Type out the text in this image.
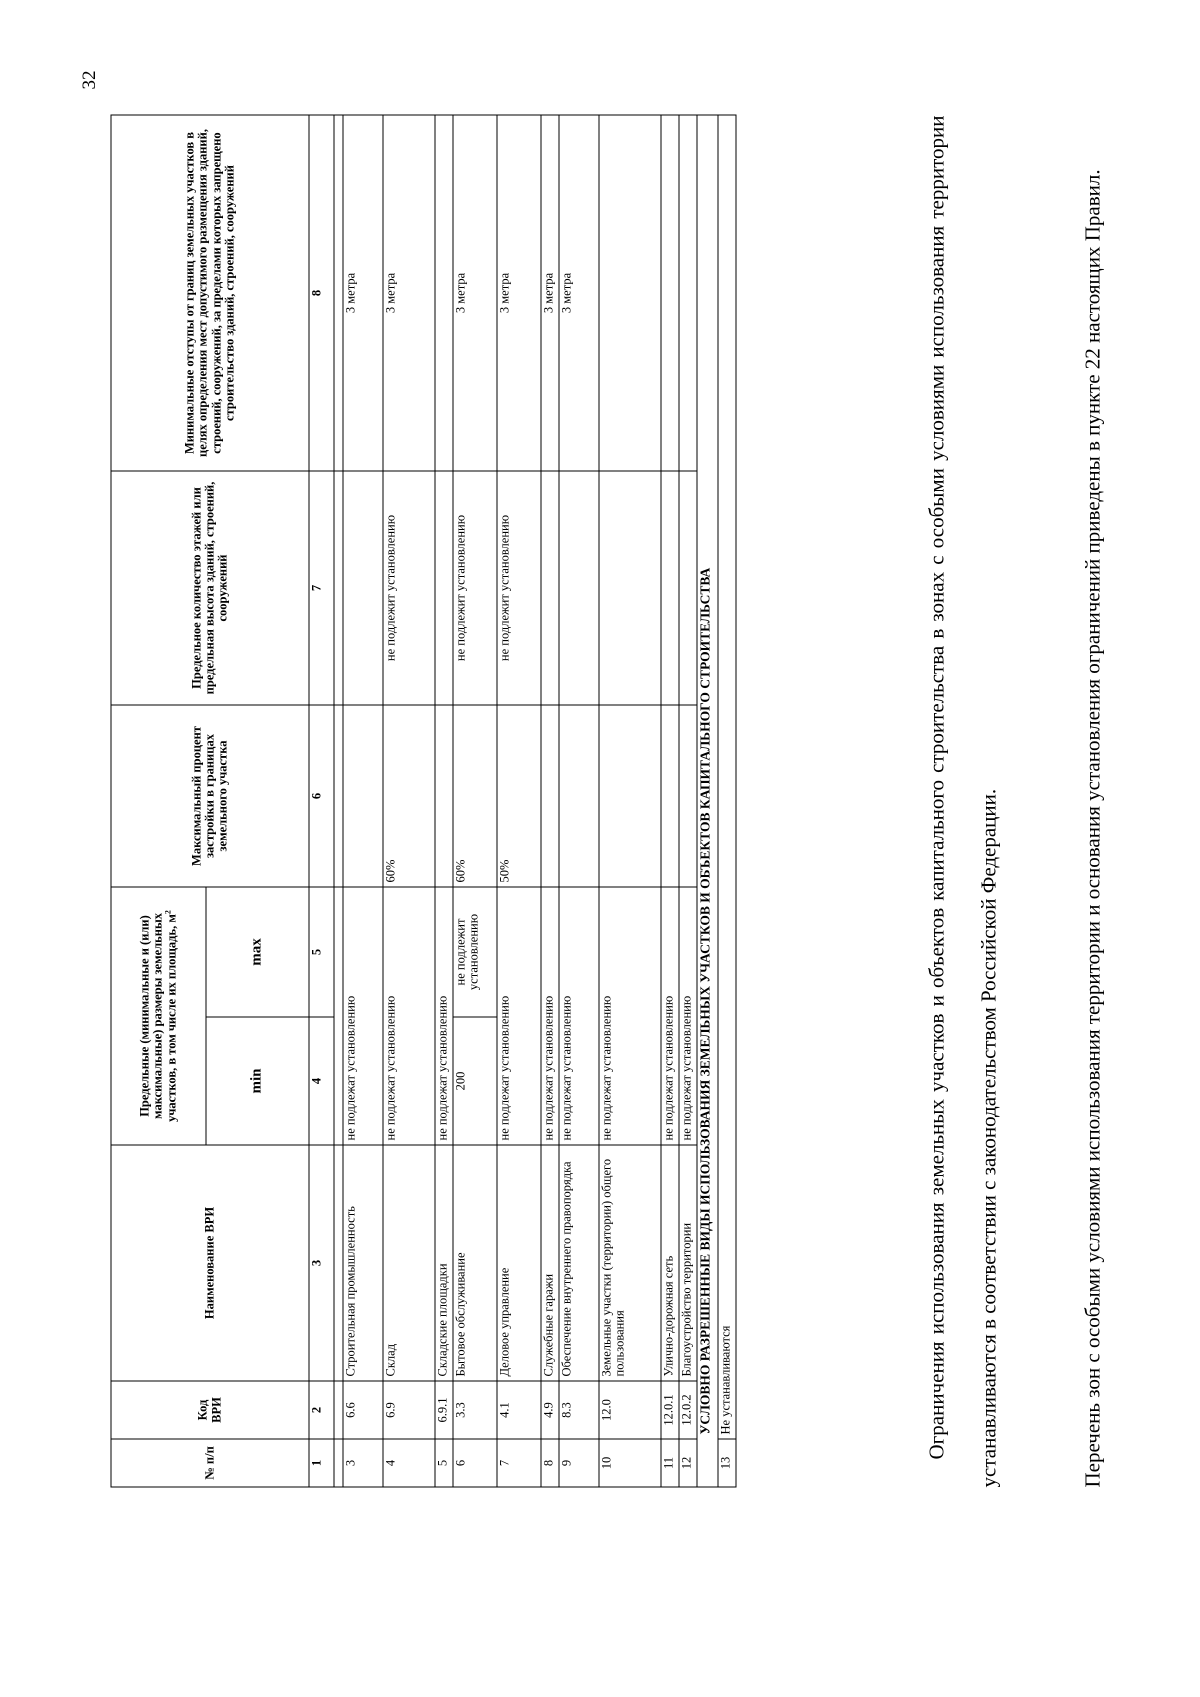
32
№ п/п	Код ВРИ	Наименование ВРИ	Предельные (минимальные и (или) максимальные) размеры земельных участков, в том числе их площадь, $м^2$		Максимальный процент застройки в границах земельного участка	Предельное количество этажей или предельная высота зданий, строений, сооружений	Минимальные отступы от границ земельных участков в целях определения мест допустимого размещения зданий, строений, сооружений, за пределами которых запрещено строительство зданий, строений, сооружений
			min	max			
1	2	3	4	5	6	7	8

3	6.6	Строительная промышленность	не подлежат установлению				3 метра
4	6.9	Склад	не подлежат установлению		60%	не подлежит установлению	3 метра
5	6.9.1	Складские площадки	не подлежат установлению				
6	3.3	Бытовое обслуживание	200	не подлежит установлению	60%	не подлежит установлению	3 метра
7	4.1	Деловое управление	не подлежат установлению		50%	не подлежит установлению	3 метра
8	4.9	Служебные гаражи	не подлежат установлению				3 метра
9	8.3	Обеспечение внутреннего правопорядка	не подлежат установлению				3 метра
10	12.0	Земельные участки (территории) общего пользования	не подлежат установлению				
11	12.0.1	Улично-дорожная сеть	не подлежат установлению				
12	12.0.2	Благоустройство территории	не подлежат установлению				
УСЛОВНО РАЗРЕШЕННЫЕ ВИДЫ ИСПОЛЬЗОВАНИЯ ЗЕМЕЛЬНЫХ УЧАСТКОВ И ОБЪЕКТОВ КАПИТАЛЬНОГО СТРОИТЕЛЬСТВА							
13	Не устанавливаются							Ограничения использования земельных участков и объектов капитального строительства в зонах с особыми условиями использования территории устанавливаются в соответствии с законодательством Российской Федерации.	Перечень зон с особыми условиями использования территории и основания установления ограничений приведены в пункте 22 настоящих Правил.
